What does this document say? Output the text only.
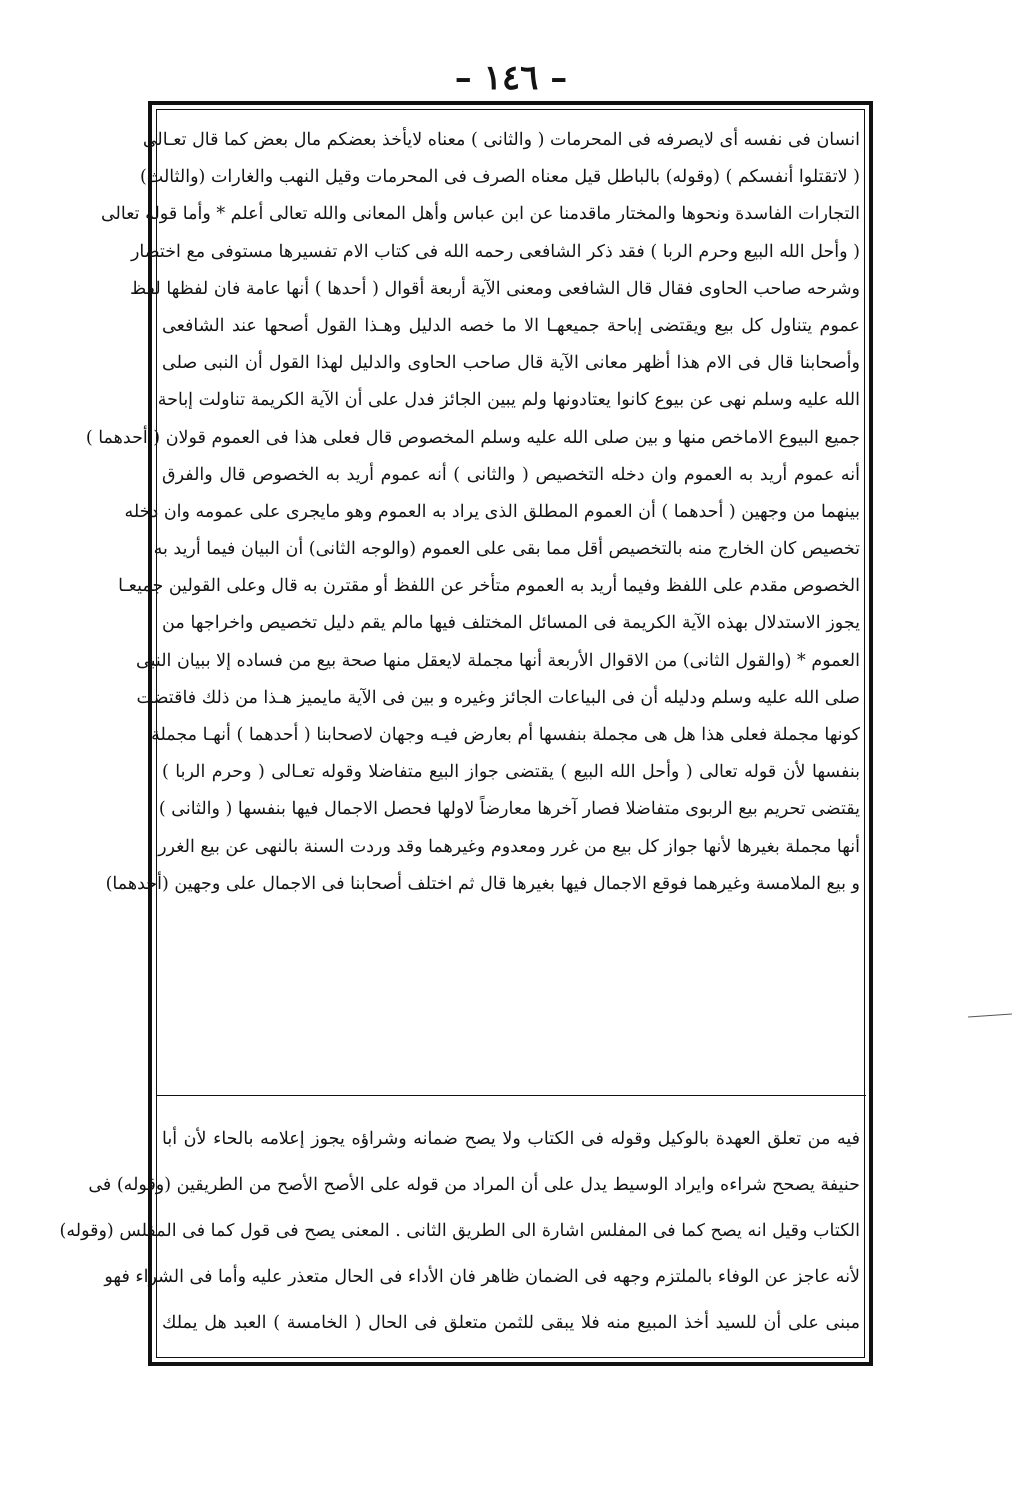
– ١٤٦ –
انسان فى نفسه أى لايصرفه فى المحرمات ( والثانى ) معناه لايأخذ بعضكم مال بعض كما قال تعـالى
( لاتقتلوا أنفسكم ) (وقوله) بالباطل قيل معناه الصرف فى المحرمات وقيل النهب والغارات (والثالث)
التجارات الفاسدة ونحوها والمختار ماقدمنا عن ابن عباس وأهل المعانى والله تعالى أعلم * وأما قوله تعالى
( وأحل الله البيع وحرم الربا ) فقد ذكر الشافعى رحمه الله فى كتاب الام تفسيرها مستوفى مع اختصار
وشرحه صاحب الحاوى فقال قال الشافعى ومعنى الآية أربعة أقوال ( أحدها ) أنها عامة فان لفظها لفظ
عموم يتناول كل بيع ويقتضى إباحة جميعهـا الا ما خصه الدليل وهـذا القول أصحها عند الشافعى
وأصحابنا قال فى الام هذا أظهر معانى الآية قال صاحب الحاوى والدليل لهذا القول أن النبى صلى
الله عليه وسلم نهى عن بيوع كانوا يعتادونها ولم يبين الجائز فدل على أن الآية الكريمة تناولت إباحة
جميع البيوع الاماخص منها و بين صلى الله عليه وسلم المخصوص قال فعلى هذا فى العموم قولان ( أحدهما )
أنه عموم أريد به العموم وان دخله التخصيص ( والثانى ) أنه عموم أريد به الخصوص قال والفرق
بينهما من وجهين ( أحدهما ) أن العموم المطلق الذى يراد به العموم وهو مايجرى على عمومه وان دخله
تخصيص كان الخارج منه بالتخصيص أقل مما بقى على العموم (والوجه الثانى) أن البيان فيما أريد به
الخصوص مقدم على اللفظ وفيما أريد به العموم متأخر عن اللفظ أو مقترن به قال وعلى القولين جميعـا
يجوز الاستدلال بهذه الآية الكريمة فى المسائل المختلف فيها مالم يقم دليل تخصيص واخراجها من
العموم * (والقول الثانى) من الاقوال الأربعة أنها مجملة لايعقل منها صحة بيع من فساده إلا ببيان النبى
صلى الله عليه وسلم ودليله أن فى البياعات الجائز وغيره و بين فى الآية مايميز هـذا من ذلك فاقتضت
كونها مجملة فعلى هذا هل هى مجملة بنفسها أم بعارض فيـه وجهان لاصحابنا ( أحدهما ) أنهـا مجملة
بنفسها لأن قوله تعالى ( وأحل الله البيع ) يقتضى جواز البيع متفاضلا وقوله تعـالى ( وحرم الربا )
يقتضى تحريم بيع الربوى متفاضلا فصار آخرها معارضاً لاولها فحصل الاجمال فيها بنفسها ( والثانى )
أنها مجملة بغيرها لأنها جواز كل بيع من غرر ومعدوم وغيرهما وقد وردت السنة بالنهى عن بيع الغرر
و بيع الملامسة وغيرهما فوقع الاجمال فيها بغيرها قال ثم اختلف أصحابنا فى الاجمال على وجهين (أحدهما)
فيه من تعلق العهدة بالوكيل وقوله فى الكتاب ولا يصح ضمانه وشراؤه يجوز إعلامه بالحاء لأن أبا
حنيفة يصحح شراءه وايراد الوسيط يدل على أن المراد من قوله على الأصح الأصح من الطريقين (وقوله) فى
الكتاب وقيل انه يصح كما فى المفلس اشارة الى الطريق الثانى . المعنى يصح فى قول كما فى المفلس (وقوله)
لأنه عاجز عن الوفاء بالملتزم وجهه فى الضمان ظاهر فان الأداء فى الحال متعذر عليه وأما فى الشراء فهو
مبنى على أن للسيد أخذ المبيع منه فلا يبقى للثمن متعلق فى الحال ( الخامسة ) العبد هل يملك
